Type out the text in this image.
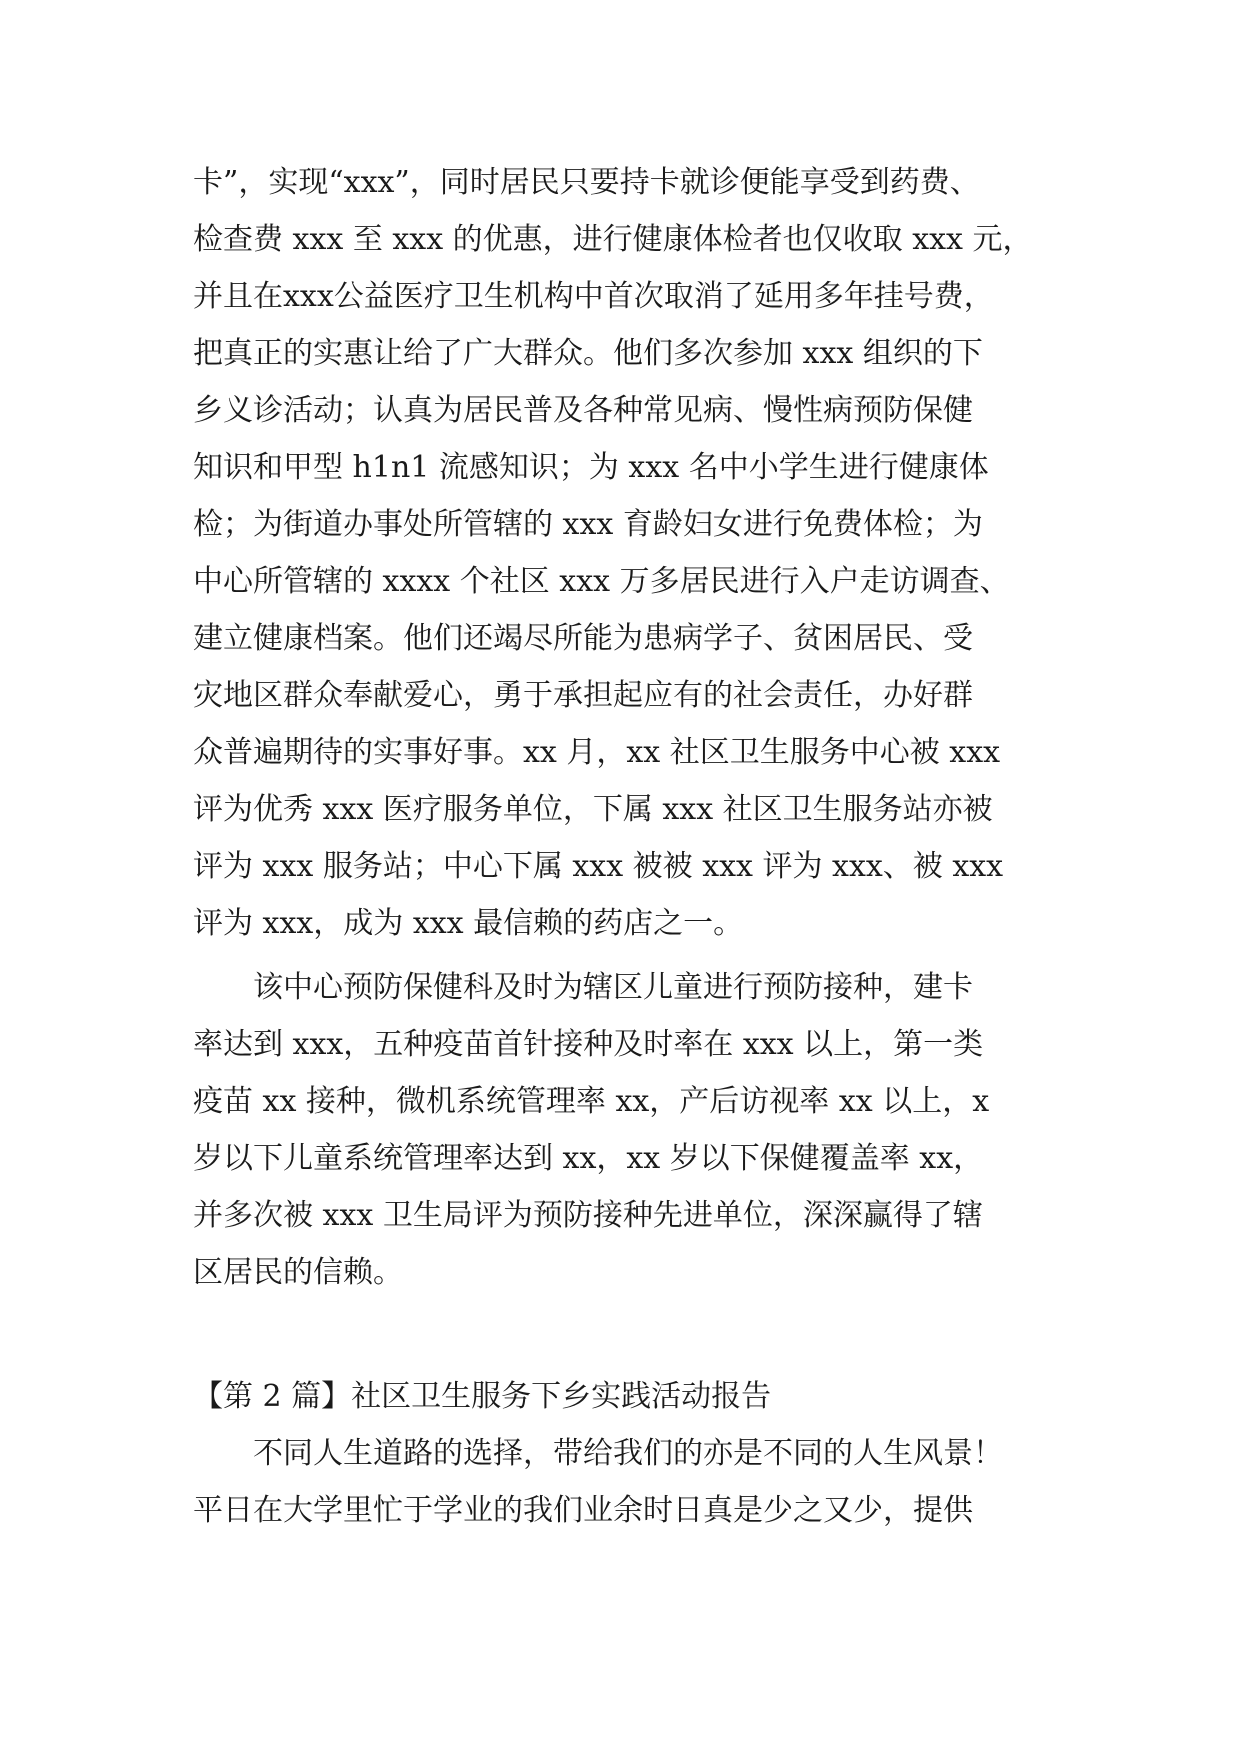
卡”，实现“xxx”，同时居民只要持卡就诊便能享受到药费、
检查费 xxx 至 xxx 的优惠，进行健康体检者也仅收取 xxx 元，
并且在xxx公益医疗卫生机构中首次取消了延用多年挂号费，
把真正的实惠让给了广大群众。他们多次参加 xxx 组织的下
乡义诊活动；认真为居民普及各种常见病、慢性病预防保健
知识和甲型 h1n1 流感知识；为 xxx 名中小学生进行健康体
检；为街道办事处所管辖的 xxx 育龄妇女进行免费体检；为
中心所管辖的 xxxx 个社区 xxx 万多居民进行入户走访调查、
建立健康档案。他们还竭尽所能为患病学子、贫困居民、受
灾地区群众奉献爱心，勇于承担起应有的社会责任，办好群
众普遍期待的实事好事。xx 月，xx 社区卫生服务中心被 xxx
评为优秀 xxx 医疗服务单位，下属 xxx 社区卫生服务站亦被
评为 xxx 服务站；中心下属 xxx 被被 xxx 评为 xxx、被 xxx
评为 xxx，成为 xxx 最信赖的药店之一。
该中心预防保健科及时为辖区儿童进行预防接种，建卡
率达到 xxx，五种疫苗首针接种及时率在 xxx 以上，第一类
疫苗 xx 接种，微机系统管理率 xx，产后访视率 xx 以上，x
岁以下儿童系统管理率达到 xx，xx 岁以下保健覆盖率 xx，
并多次被 xxx 卫生局评为预防接种先进单位，深深赢得了辖
区居民的信赖。
【第 2 篇】社区卫生服务下乡实践活动报告
不同人生道路的选择，带给我们的亦是不同的人生风景！
平日在大学里忙于学业的我们业余时日真是少之又少，提供
